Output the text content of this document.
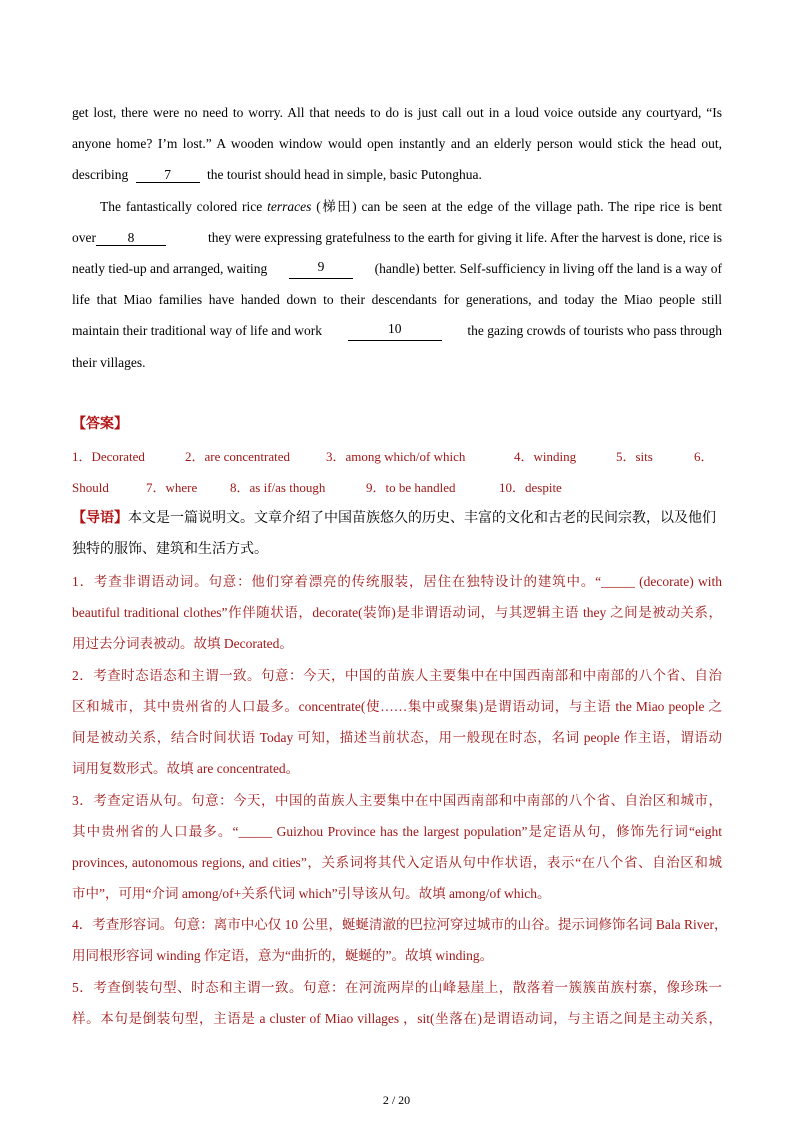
get lost, there were no need to worry. All that needs to do is just call out in a loud voice outside any courtyard, “Is
anyone home? I’m lost.” A wooden window would open instantly and an elderly person would stick the head out,
describing	7	the tourist should head in simple, basic Putonghua.
The fantastically colored rice terraces (梯田) can be seen at the edge of the village path. The ripe rice is bent
over 8	they were expressing gratefulness to the earth for giving it life. After the harvest is done, rice is
neatly tied-up and arranged, waiting	9	(handle) better. Self-sufficiency in living off the land is a way of
life that Miao families have handed down to their descendants for generations, and today the Miao people still
maintain their traditional way of life and work	10	the gazing crowds of tourists who pass through
their villages.
【答案】
1．Decorated	2．are concentrated	3．among which/of which	4．winding	5．sits	6．
Should	7．where	8．as if/as though	9．to be handled	10．despite
【导语】本文是一篇说明文。文章介绍了中国苗族悠久的历史、丰富的文化和古老的民间宗教，以及他们
独特的服饰、建筑和生活方式。
1．考查非谓语动词。句意：他们穿着漂亮的传统服装，居住在独特设计的建筑中。“_____ (decorate) with
beautiful traditional clothes”作伴随状语，decorate(装饰)是非谓语动词，与其逻辑主语 they 之间是被动关系，
用过去分词表被动。故填 Decorated。
2．考查时态语态和主谓一致。句意：今天，中国的苗族人主要集中在中国西南部和中南部的八个省、自治
区和城市，其中贵州省的人口最多。concentrate(使……集中或聚集)是谓语动词，与主语 the Miao people 之
间是被动关系，结合时间状语 Today 可知，描述当前状态，用一般现在时态，名词 people 作主语，谓语动
词用复数形式。故填 are concentrated。
3．考查定语从句。句意：今天，中国的苗族人主要集中在中国西南部和中南部的八个省、自治区和城市，
其中贵州省的人口最多。“_____ Guizhou Province has the largest population”是定语从句，修饰先行词“eight
provinces, autonomous regions, and cities”，关系词将其代入定语从句中作状语，表示“在八个省、自治区和城
市中”，可用“介词 among/of+关系代词 which”引导该从句。故填 among/of which。
4．考查形容词。句意：离市中心仅 10 公里，蜒蜒清澈的巴拉河穿过城市的山谷。提示词修饰名词 Bala River，
用同根形容词 winding 作定语，意为“曲折的，蜒蜒的”。故填 winding。
5．考查倒装句型、时态和主谓一致。句意：在河流两岸的山峰悬崖上，散落着一簇簇苗族村寨，像珍珠一
样。本句是倒装句型，主语是 a cluster of Miao villages ，sit(坐落在)是谓语动词，与主语之间是主动关系，
2 / 20
